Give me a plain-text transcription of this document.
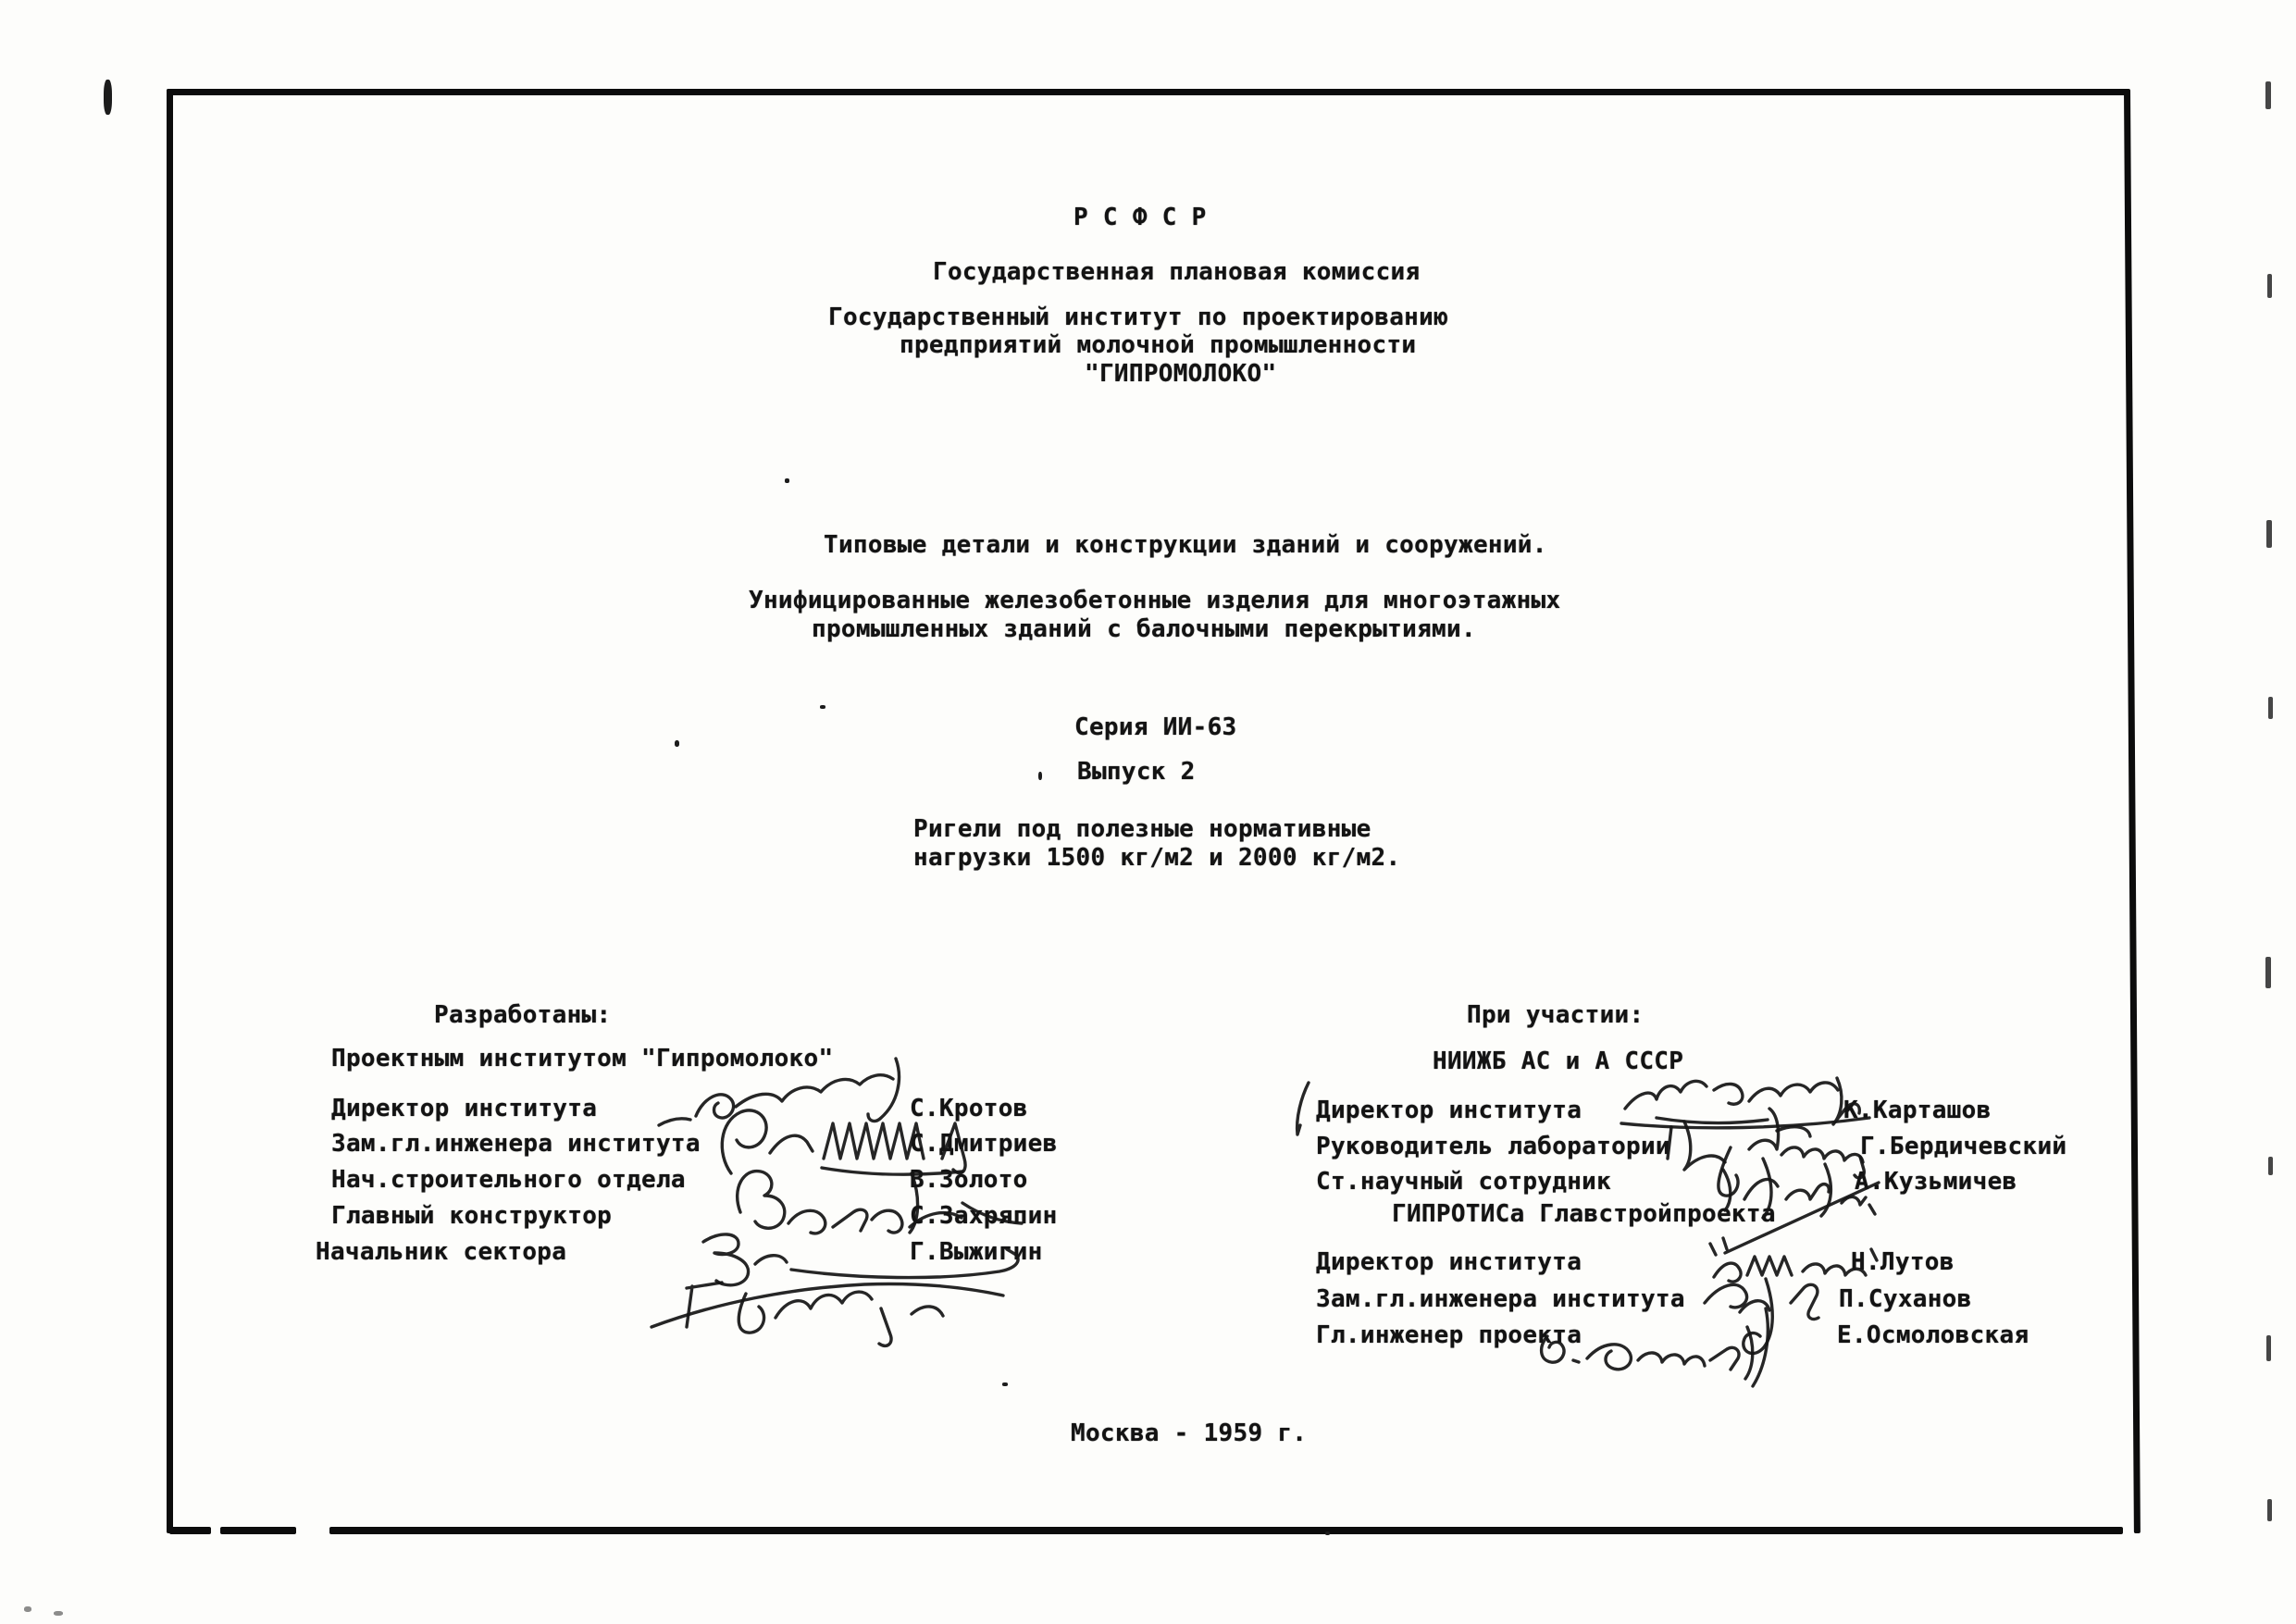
Р С Ф С Р
Государственная плановая комиссия
Государственный институт по проектированию
предприятий молочной промышленности
"ГИПРОМОЛОКО"
Типовые детали и конструкции зданий и сооружений.
Унифицированные железобетонные изделия для многоэтажных
промышленных зданий с балочными перекрытиями.
Серия ИИ-63
Выпуск 2
Ригели под полезные нормативные
нагрузки 1500 кг/м2 и 2000 кг/м2.
Разработаны:
Проектным институтом "Гипромолоко"
Директор института	С.Кротов
Зам.гл.инженера института	С.Дмитриев
Нач.строительного отдела	В.Золото
Главный конструктор	С.Захряпин
Начальник сектора	Г.Выжигин
При участии:
НИИЖБ АС и А СССР
Директор института	К.Карташов
Руководитель лаборатории	Г.Бердичевский
Ст.научный сотрудник	А.Кузьмичев
ГИПРОТИСа Главстройпроекта
Директор института	Н.Лутов
Зам.гл.инженера института	П.Суханов
Гл.инженер проекта	Е.Осмоловская
Москва - 1959 г.
